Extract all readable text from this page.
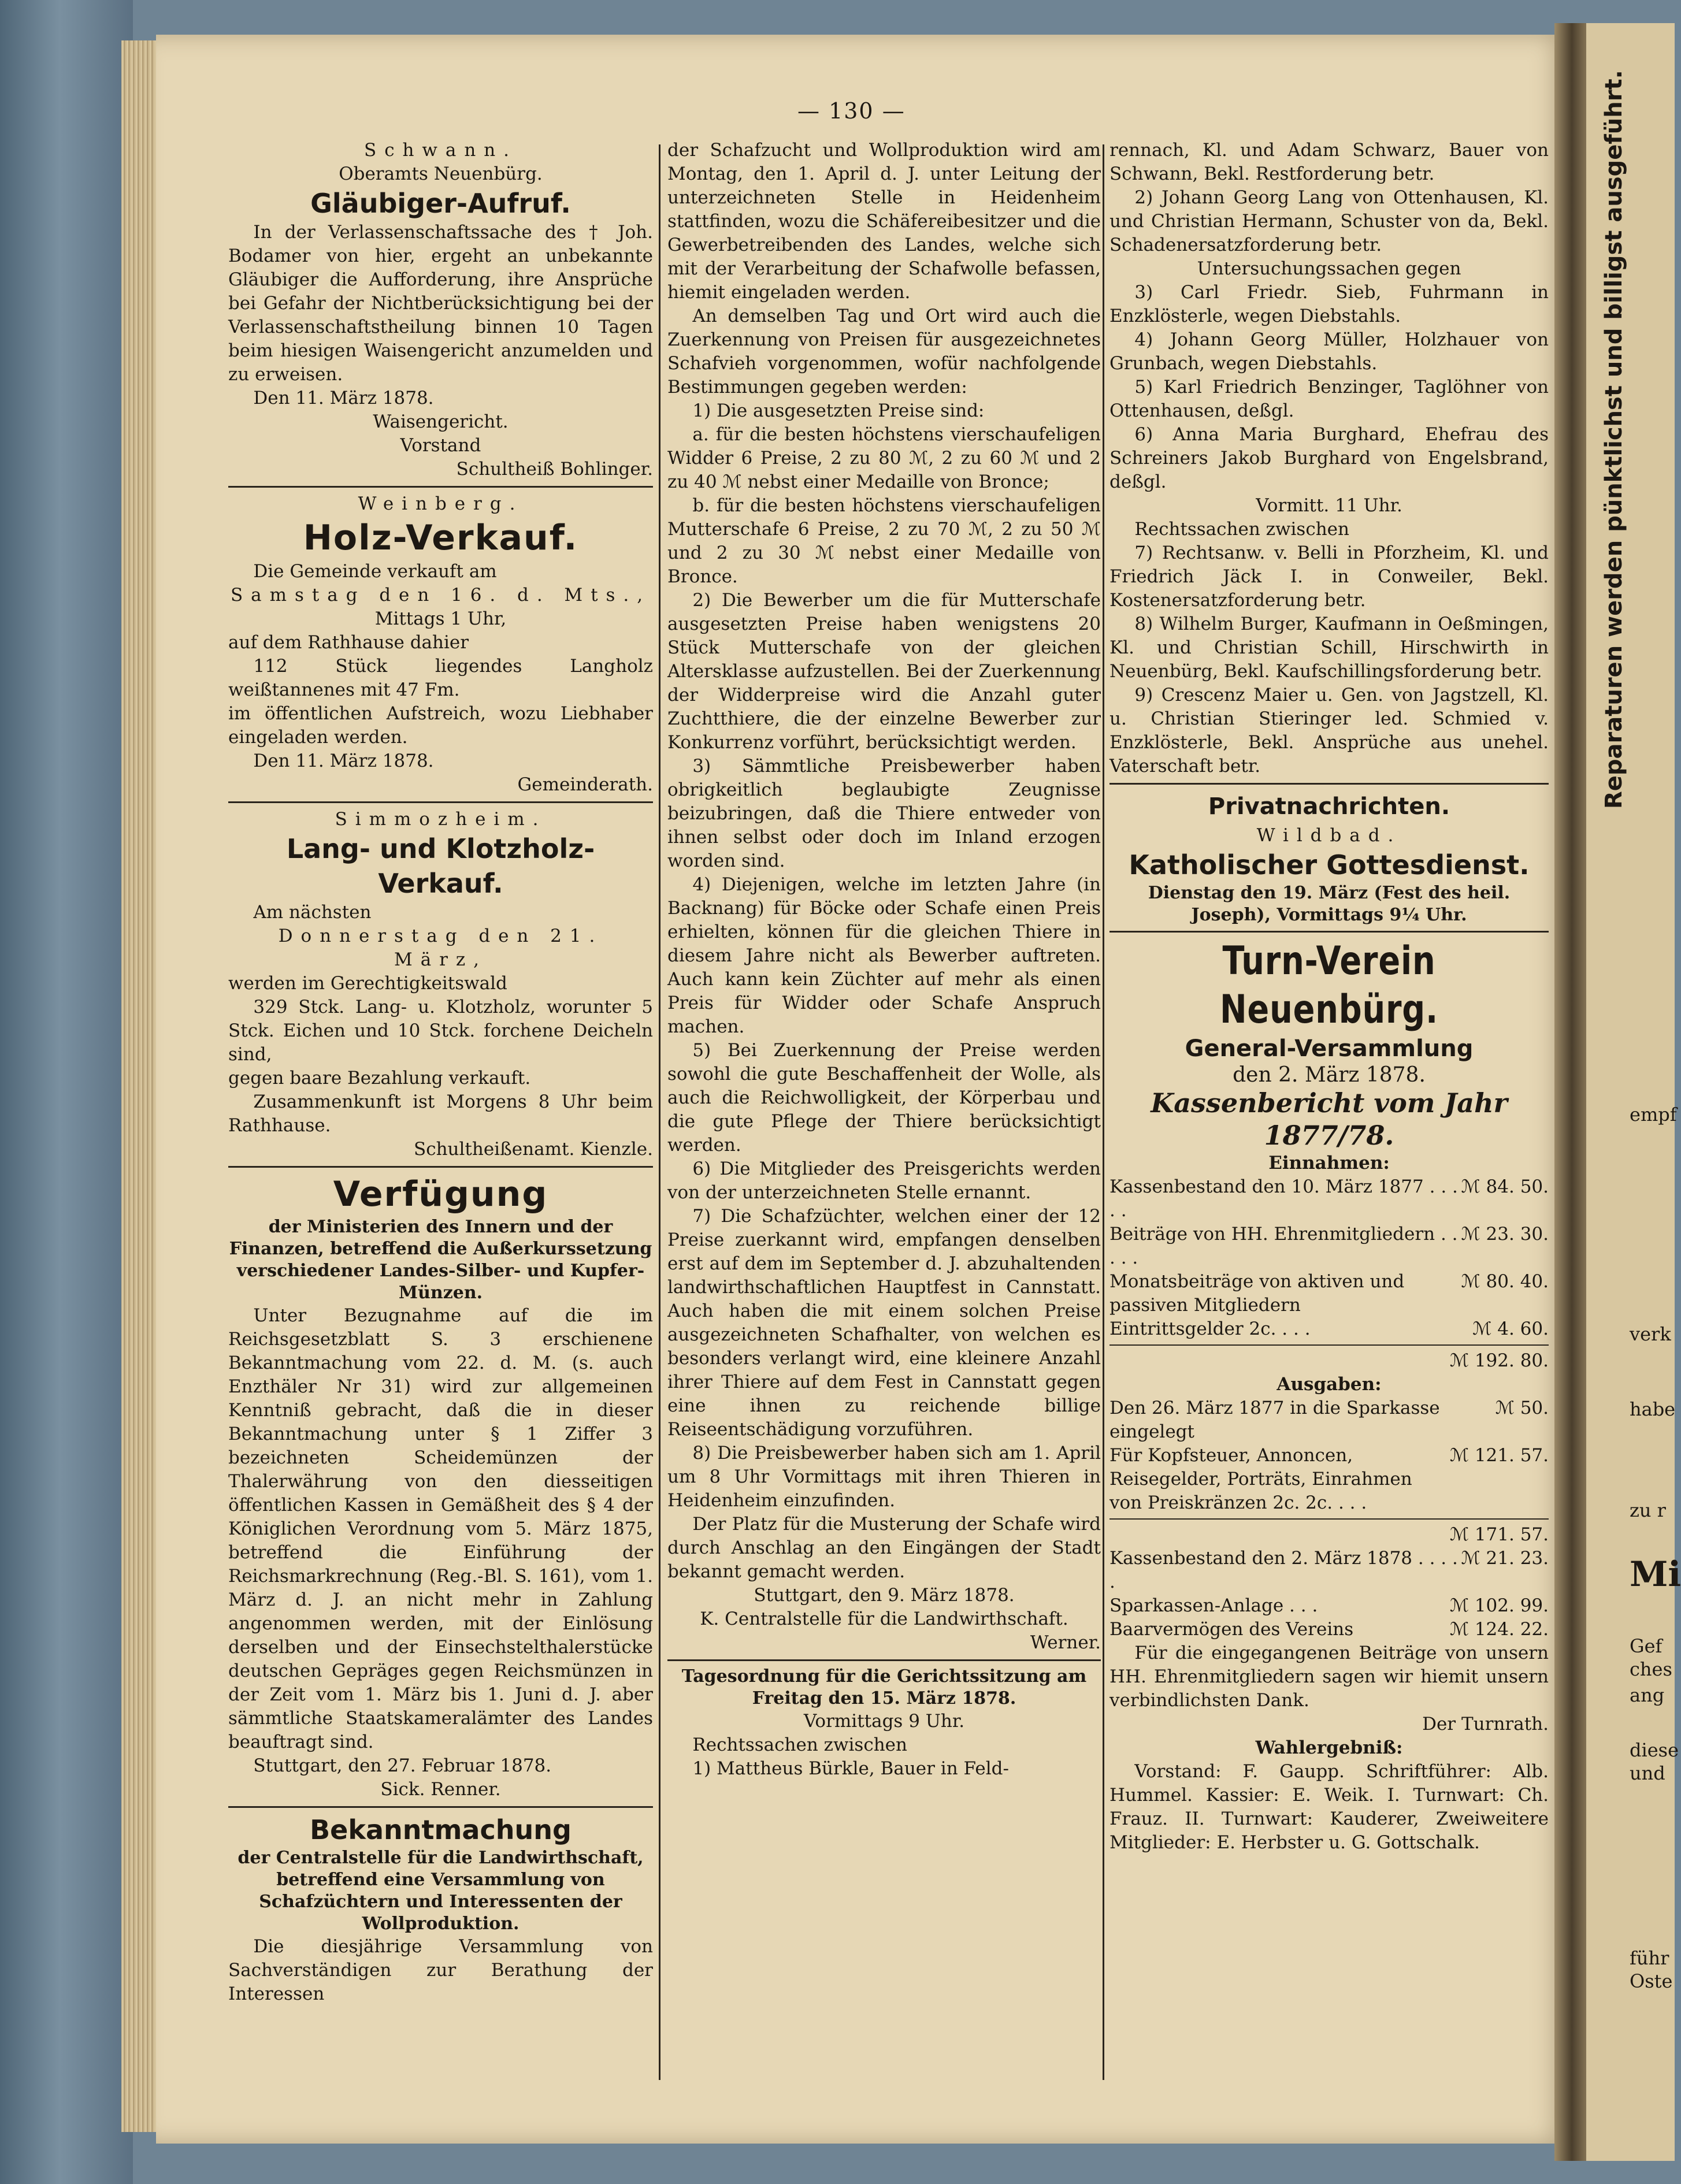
— 130 —

Schwann.

Oberamts Neuenbürg.

Gläubiger-Aufruf.

In der Verlassenschaftssache des † Joh. Bodamer von hier, ergeht an unbekannte Gläubiger die Aufforderung, ihre Ansprüche bei Gefahr der Nichtberücksichtigung bei der Verlassenschaftstheilung binnen 10 Tagen beim hiesigen Waisengericht anzumelden und zu erweisen.

Den 11. März 1878.

Waisengericht.

Vorstand

Schultheiß Bohlinger.

Weinberg.

Holz-Verkauf.

Die Gemeinde verkauft am

Samstag den 16. d. Mts.,

Mittags 1 Uhr,

auf dem Rathhause dahier

112 Stück liegendes Langholz weißtannenes mit 47 Fm.

im öffentlichen Aufstreich, wozu Liebhaber eingeladen werden.

Den 11. März 1878.

Gemeinderath.

Simmozheim.

Lang- und Klotzholz-Verkauf.

Am nächsten

Donnerstag den 21. März,

werden im Gerechtigkeitswald

329 Stck. Lang- u. Klotzholz, worunter 5 Stck. Eichen und 10 Stck. forchene Deicheln sind,

gegen baare Bezahlung verkauft.

Zusammenkunft ist Morgens 8 Uhr beim Rathhause.

Schultheißenamt. Kienzle.

Verfügung

der Ministerien des Innern und der Finanzen, betreffend die Außerkurssetzung verschiedener Landes-Silber- und Kupfer-Münzen.

Unter Bezugnahme auf die im Reichsgesetzblatt S. 3 erschienene Bekanntmachung vom 22. d. M. (s. auch Enzthäler Nr 31) wird zur allgemeinen Kenntniß gebracht, daß die in dieser Bekanntmachung unter § 1 Ziffer 3 bezeichneten Scheidemünzen der Thalerwährung von den diesseitigen öffentlichen Kassen in Gemäßheit des § 4 der Königlichen Verordnung vom 5. März 1875, betreffend die Einführung der Reichsmarkrechnung (Reg.-Bl. S. 161), vom 1. März d. J. an nicht mehr in Zahlung angenommen werden, mit der Einlösung derselben und der Einsechstelthalerstücke deutschen Gepräges gegen Reichsmünzen in der Zeit vom 1. März bis 1. Juni d. J. aber sämmtliche Staatskameralämter des Landes beauftragt sind.

Stuttgart, den 27. Februar 1878.

Sick. Renner.

Bekanntmachung

der Centralstelle für die Landwirthschaft, betreffend eine Versammlung von Schafzüchtern und Interessenten der Wollproduktion.

Die diesjährige Versammlung von Sachverständigen zur Berathung der Interessen

der Schafzucht und Wollproduktion wird am Montag, den 1. April d. J. unter Leitung der unterzeichneten Stelle in Heidenheim stattfinden, wozu die Schäfereibesitzer und die Gewerbetreibenden des Landes, welche sich mit der Verarbeitung der Schafwolle befassen, hiemit eingeladen werden.

An demselben Tag und Ort wird auch die Zuerkennung von Preisen für ausgezeichnetes Schafvieh vorgenommen, wofür nachfolgende Bestimmungen gegeben werden:

1) Die ausgesetzten Preise sind:

a. für die besten höchstens vierschaufeligen Widder 6 Preise, 2 zu 80 ℳ, 2 zu 60 ℳ und 2 zu 40 ℳ nebst einer Medaille von Bronce;

b. für die besten höchstens vierschaufeligen Mutterschafe 6 Preise, 2 zu 70 ℳ, 2 zu 50 ℳ und 2 zu 30 ℳ nebst einer Medaille von Bronce.

2) Die Bewerber um die für Mutterschafe ausgesetzten Preise haben wenigstens 20 Stück Mutterschafe von der gleichen Altersklasse aufzustellen. Bei der Zuerkennung der Widderpreise wird die Anzahl guter Zuchtthiere, die der einzelne Bewerber zur Konkurrenz vorführt, berücksichtigt werden.

3) Sämmtliche Preisbewerber haben obrigkeitlich beglaubigte Zeugnisse beizubringen, daß die Thiere entweder von ihnen selbst oder doch im Inland erzogen worden sind.

4) Diejenigen, welche im letzten Jahre (in Backnang) für Böcke oder Schafe einen Preis erhielten, können für die gleichen Thiere in diesem Jahre nicht als Bewerber auftreten. Auch kann kein Züchter auf mehr als einen Preis für Widder oder Schafe Anspruch machen.

5) Bei Zuerkennung der Preise werden sowohl die gute Beschaffenheit der Wolle, als auch die Reichwolligkeit, der Körperbau und die gute Pflege der Thiere berücksichtigt werden.

6) Die Mitglieder des Preisgerichts werden von der unterzeichneten Stelle ernannt.

7) Die Schafzüchter, welchen einer der 12 Preise zuerkannt wird, empfangen denselben erst auf dem im September d. J. abzuhaltenden landwirthschaftlichen Hauptfest in Cannstatt. Auch haben die mit einem solchen Preise ausgezeichneten Schafhalter, von welchen es besonders verlangt wird, eine kleinere Anzahl ihrer Thiere auf dem Fest in Cannstatt gegen eine ihnen zu reichende billige Reiseentschädigung vorzuführen.

8) Die Preisbewerber haben sich am 1. April um 8 Uhr Vormittags mit ihren Thieren in Heidenheim einzufinden.

Der Platz für die Musterung der Schafe wird durch Anschlag an den Eingängen der Stadt bekannt gemacht werden.

Stuttgart, den 9. März 1878.

K. Centralstelle für die Landwirthschaft.

Werner.

Tagesordnung für die Gerichtssitzung am Freitag den 15. März 1878.

Vormittags 9 Uhr.

Rechtssachen zwischen

1) Mattheus Bürkle, Bauer in Feld-

rennach, Kl. und Adam Schwarz, Bauer von Schwann, Bekl. Restforderung betr.

2) Johann Georg Lang von Ottenhausen, Kl. und Christian Hermann, Schuster von da, Bekl. Schadenersatzforderung betr.

Untersuchungssachen gegen

3) Carl Friedr. Sieb, Fuhrmann in Enzklösterle, wegen Diebstahls.

4) Johann Georg Müller, Holzhauer von Grunbach, wegen Diebstahls.

5) Karl Friedrich Benzinger, Taglöhner von Ottenhausen, deßgl.

6) Anna Maria Burghard, Ehefrau des Schreiners Jakob Burghard von Engelsbrand, deßgl.

Vormitt. 11 Uhr.

Rechtssachen zwischen

7) Rechtsanw. v. Belli in Pforzheim, Kl. und Friedrich Jäck I. in Conweiler, Bekl. Kostenersatzforderung betr.

8) Wilhelm Burger, Kaufmann in Oeßmingen, Kl. und Christian Schill, Hirschwirth in Neuenbürg, Bekl. Kaufschillingsforderung betr.

9) Crescenz Maier u. Gen. von Jagstzell, Kl. u. Christian Stieringer led. Schmied v. Enzklösterle, Bekl. Ansprüche aus unehel. Vaterschaft betr.

Privatnachrichten.

Wildbad.

Katholischer Gottesdienst.

Dienstag den 19. März (Fest des heil. Joseph), Vormittags 9¼ Uhr.

Turn-Verein Neuenbürg.

General-Versammlung

den 2. März 1878.

Kassenbericht vom Jahr

1877/78.

Einnahmen:

Kassenbestand den 10. März 1877 . . . . .
ℳ 84. 50.
Beiträge von HH. Ehrenmitgliedern . . . . .
ℳ 23. 30.
Monatsbeiträge von aktiven und passiven Mitgliedern
ℳ 80. 40.
Eintrittsgelder 2c. . . .	ℳ 4. 60.

ℳ 192. 80.

Ausgaben:

Den 26. März 1877 in die Sparkasse eingelegt
ℳ 50.
Für Kopfsteuer, Annoncen, Reisegelder, Porträts, Einrahmen von Preiskränzen 2c. 2c. . . .
ℳ 121. 57.

ℳ 171. 57.

Kassenbestand den 2. März 1878 . . . . .
ℳ 21. 23.
Sparkassen-Anlage . . .	ℳ 102. 99.
Baarvermögen des Vereins	ℳ 124. 22.

Für die eingegangenen Beiträge von unsern HH. Ehrenmitgliedern sagen wir hiemit unsern verbindlichsten Dank.

Der Turnrath.

Wahlergebniß:

Vorstand: F. Gaupp. Schriftführer: Alb. Hummel. Kassier: E. Weik. I. Turnwart: Ch. Frauz. II. Turnwart: Kauderer, Zweiweitere Mitglieder: E. Herbster u. G. Gottschalk.

Reparaturen werden pünktlichst und billigst ausgeführt.
empf
verk
habe
zu r
Mi
Gef
ches
ang
diese
und
führ
Oste
